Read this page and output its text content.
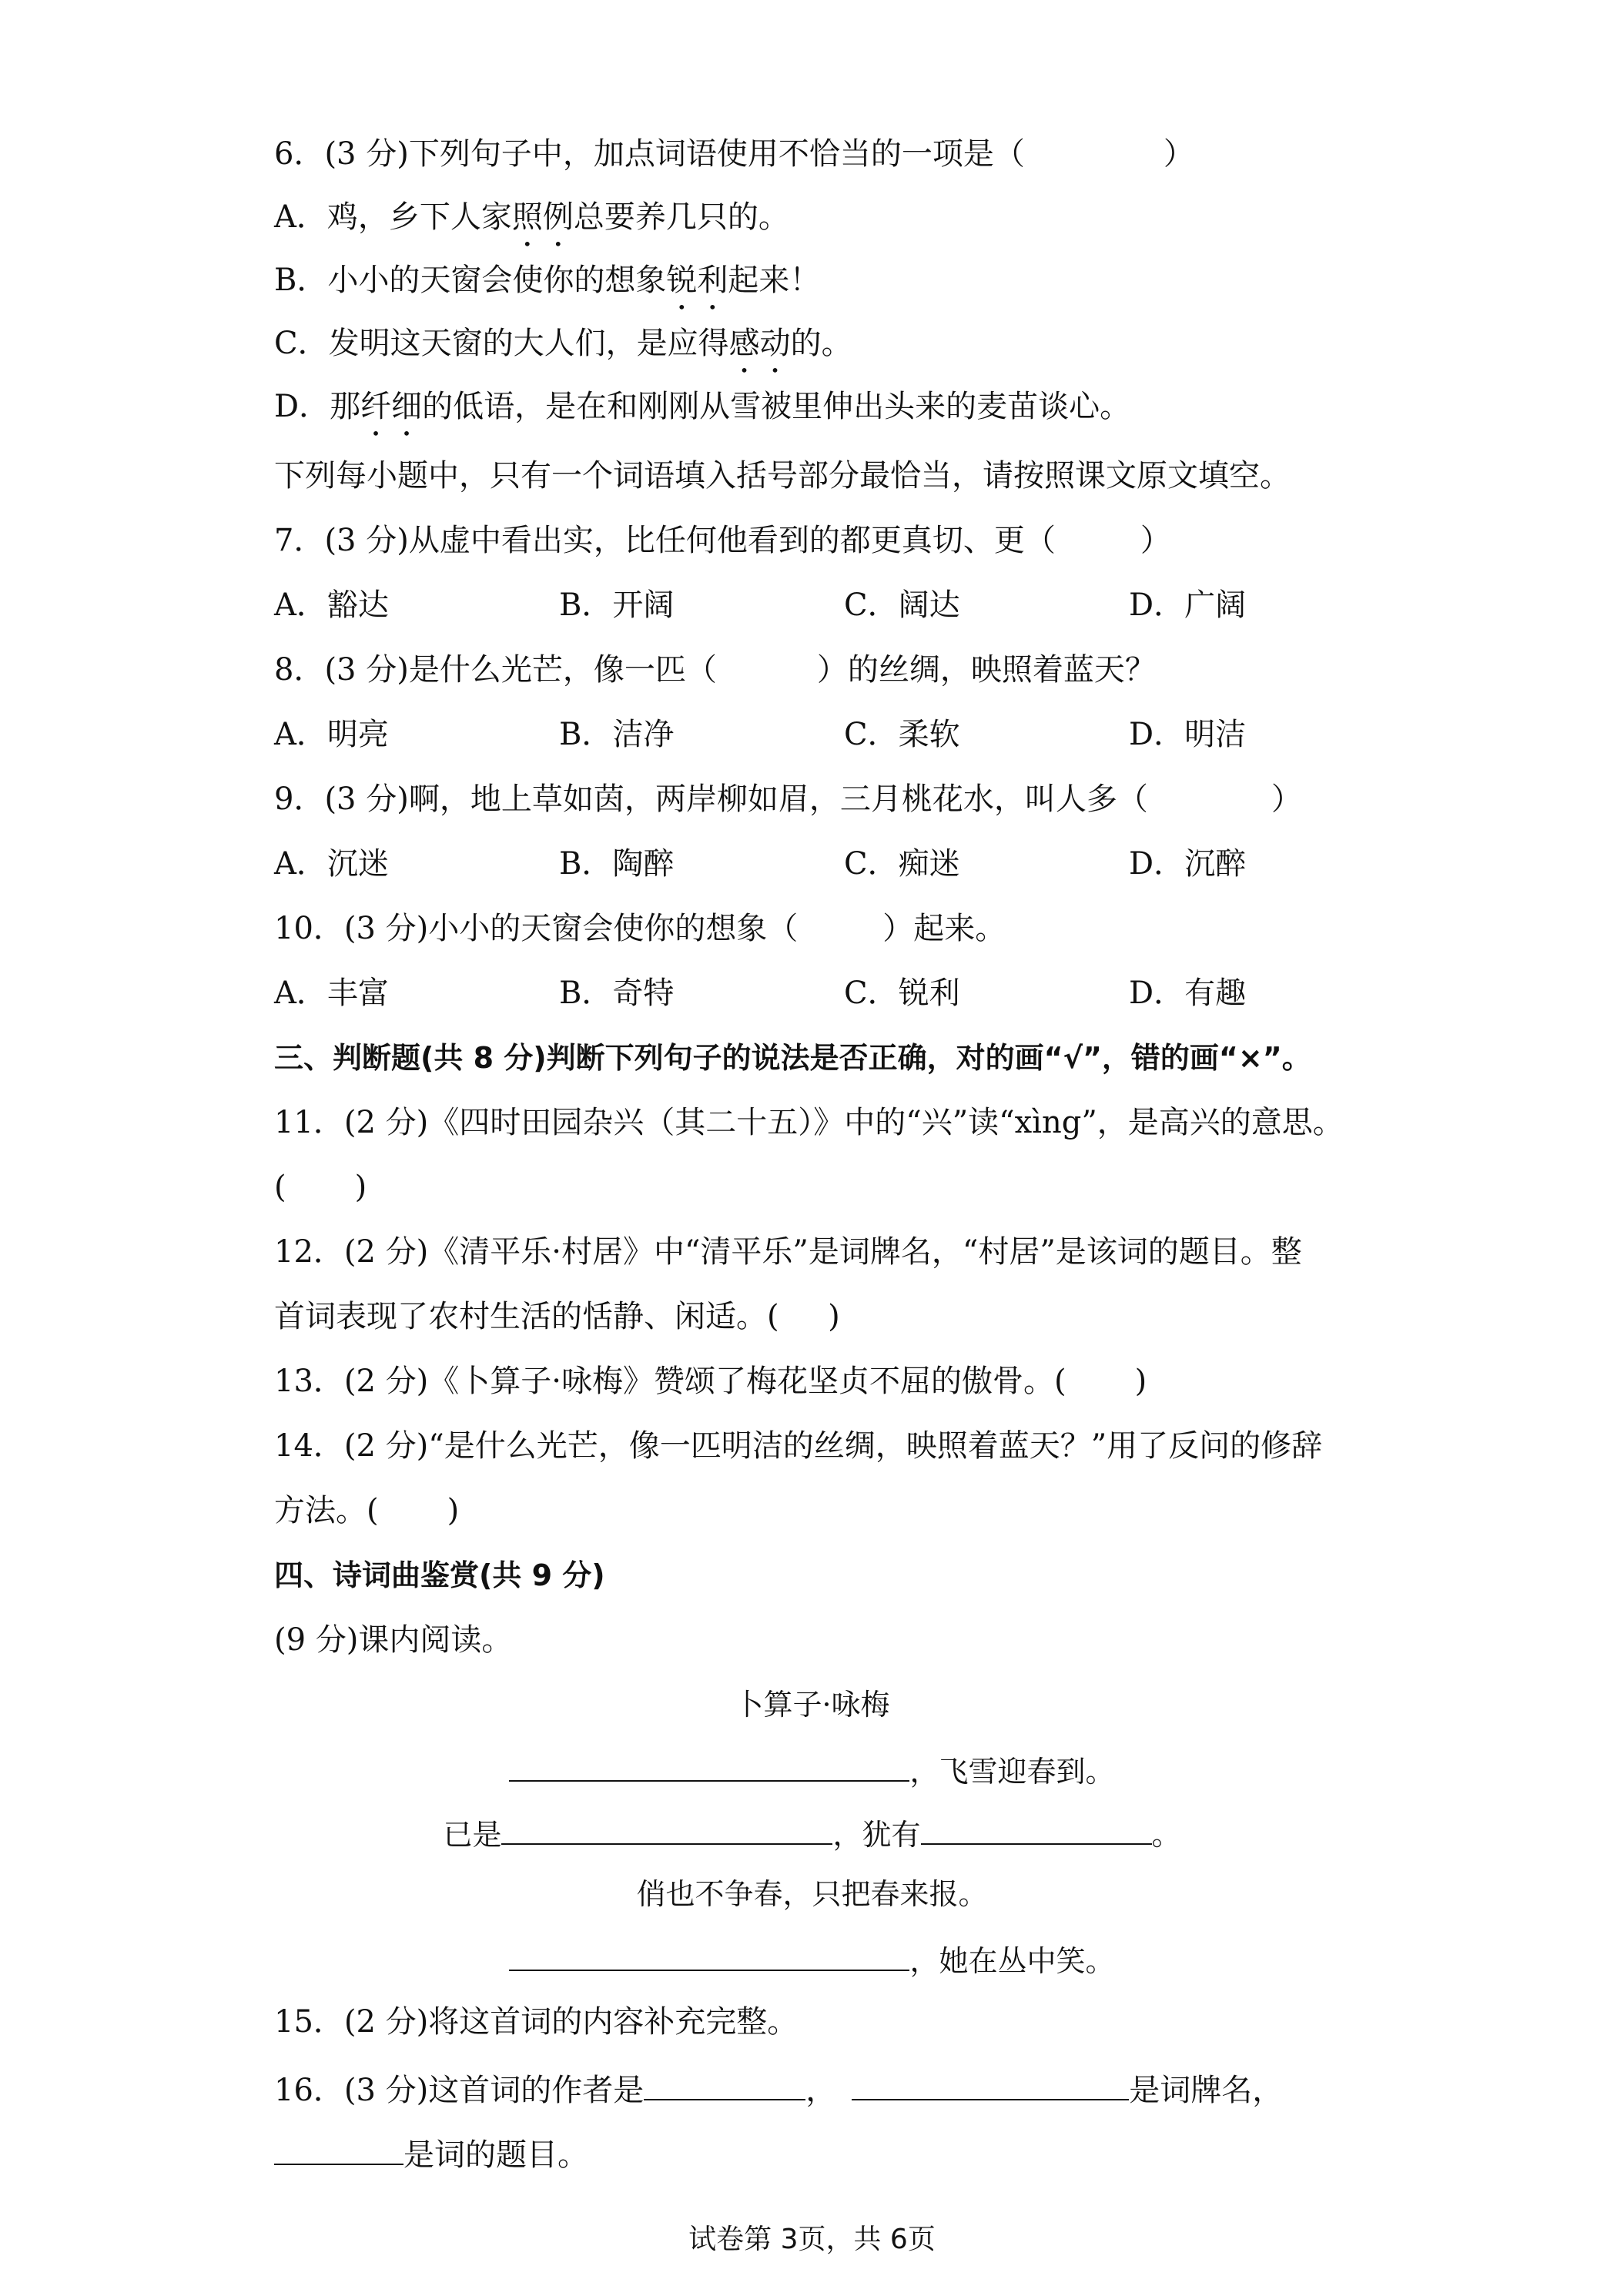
6．(3 分)下列句子中，加点词语使用不恰当的一项是（	）
A．鸡，乡下人家照例总要养几只的。
B．小小的天窗会使你的想象锐利起来！
C．发明这天窗的大人们，是应得感动的。
D．那纤细的低语，是在和刚刚从雪被里伸出头来的麦苗谈心。
下列每小题中，只有一个词语填入括号部分最恰当，请按照课文原文填空。
7．(3 分)从虚中看出实，比任何他看到的都更真切、更（	）
A．豁达	B．开阔	C．阔达	D．广阔
8．(3 分)是什么光芒，像一匹（	）的丝绸，映照着蓝天？
A．明亮	B．洁净	C．柔软	D．明洁
9．(3 分)啊，地上草如茵，两岸柳如眉，三月桃花水，叫人多（	）
A．沉迷	B．陶醉	C．痴迷	D．沉醉
10．(3 分)小小的天窗会使你的想象（	）起来。
A．丰富	B．奇特	C．锐利	D．有趣
三、判断题(共 8 分)判断下列句子的说法是否正确，对的画“√”，错的画“×”。
11．(2 分)《四时田园杂兴（其二十五）》中的“兴”读“xìng”，是高兴的意思。
(       )
12．(2 分)《清平乐·村居》中“清平乐”是词牌名，“村居”是该词的题目。整
首词表现了农村生活的恬静、闲适。(     )
13．(2 分)《卜算子·咏梅》赞颂了梅花坚贞不屈的傲骨。(       )
14．(2 分)“是什么光芒，像一匹明洁的丝绸，映照着蓝天？”用了反问的修辞
方法。(       )
四、诗词曲鉴赏(共 9 分)
(9 分)课内阅读。
卜算子·咏梅
，飞雪迎春到。
已是	，犹有	。
俏也不争春，只把春来报。
，她在丛中笑。
15．(2 分)将这首词的内容补充完整。
16．(3 分)这首词的作者是	，	是词牌名，
是词的题目。
试卷第 3页，共 6页
